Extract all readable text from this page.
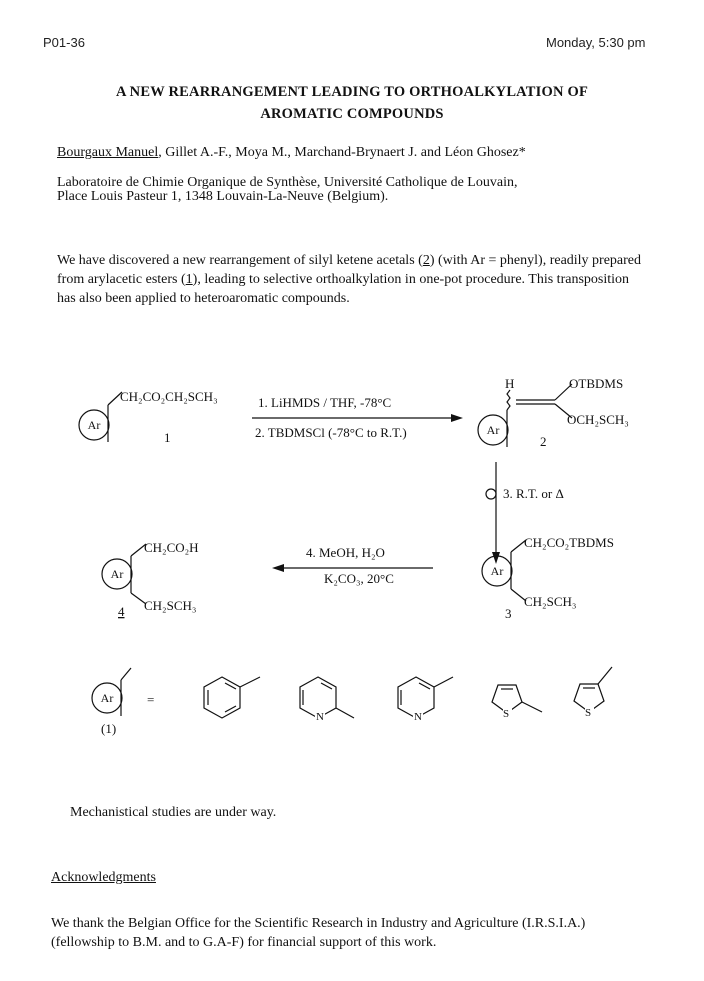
P01-36	Monday, 5:30 pm
A NEW REARRANGEMENT LEADING TO ORTHOALKYLATION OF
AROMATIC COMPOUNDS
Bourgaux Manuel, Gillet A.-F., Moya M., Marchand-Brynaert J. and Léon Ghosez*
Laboratoire de Chimie Organique de Synthèse, Université Catholique de Louvain,
Place Louis Pasteur 1, 1348 Louvain-La-Neuve (Belgium).
We have discovered a new rearrangement of silyl ketene acetals (2) (with Ar = phenyl), readily prepared from arylacetic esters (1), leading to selective orthoalkylation in one-pot procedure. This transposition has also been applied to heteroaromatic compounds.
Ar
CH₂CO₂CH₂SCH₃
1
1. LiHMDS / THF, -78°C
2. TBDMSCl (-78°C to R.T.)
H	OTBDMS
OCH₂SCH₃
Ar
2
3. R.T. or Δ
Ar
CH₂CO₂TBDMS
CH₂SCH₃
3
4. MeOH, H₂O
K₂CO₃, 20°C
Ar
CH₂CO₂H
CH₂SCH₃
4
Ar
(1)
=
N	N	S	S
Mechanistical studies are under way.
Acknowledgments
We thank the Belgian Office for the Scientific Research in Industry and Agriculture (I.R.S.I.A.) (fellowship to B.M. and to G.A-F) for financial support of this work.
